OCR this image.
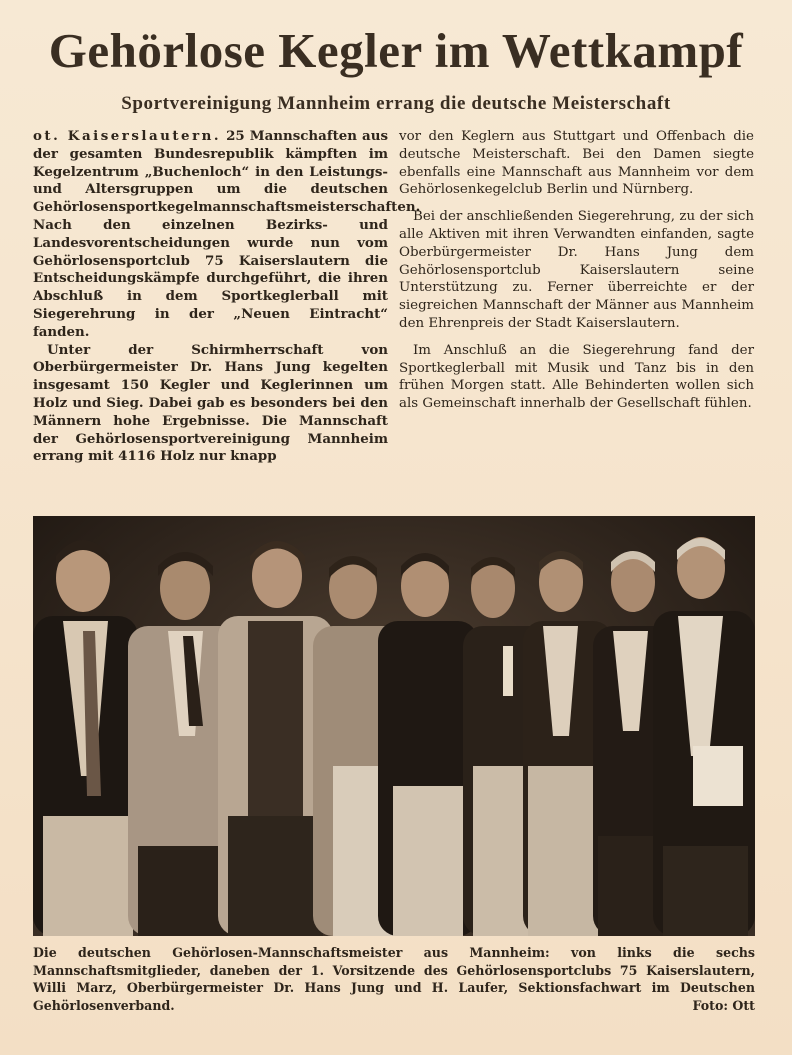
Gehörlose Kegler im Wettkampf
Sportvereinigung Mannheim errang die deutsche Meisterschaft

ot. Kaiserslautern. 25 Mannschaften aus der gesamten Bundesrepublik kämpften im Kegelzentrum „Buchenloch“ in den Leistungs- und Altersgruppen um die deutschen Gehörlosensportkegelmannschaftsmeisterschaften. Nach den einzelnen Bezirks- und Landesvorentscheidungen wurde nun vom Gehörlosensportclub 75 Kaiserslautern die Entscheidungskämpfe durchgeführt, die ihren Abschluß in dem Sportkeglerball mit Siegerehrung in der „Neuen Eintracht“ fanden.

Unter der Schirmherrschaft von Oberbürgermeister Dr. Hans Jung kegelten insgesamt 150 Kegler und Keglerinnen um Holz und Sieg. Dabei gab es besonders bei den Männern hohe Ergebnisse. Die Mannschaft der Gehörlosensportvereinigung Mannheim errang mit 4116 Holz nur knapp

vor den Keglern aus Stuttgart und Offenbach die deutsche Meisterschaft. Bei den Damen siegte ebenfalls eine Mannschaft aus Mannheim vor dem Gehörlosenkegelclub Berlin und Nürnberg.

Bei der anschließenden Siegerehrung, zu der sich alle Aktiven mit ihren Verwandten einfanden, sagte Oberbürgermeister Dr. Hans Jung dem Gehörlosensportclub Kaiserslautern seine Unterstützung zu. Ferner überreichte er der siegreichen Mannschaft der Männer aus Mannheim den Ehrenpreis der Stadt Kaiserslautern.

Im Anschluß an die Siegerehrung fand der Sportkeglerball mit Musik und Tanz bis in den frühen Morgen statt. Alle Behinderten wollen sich als Gemeinschaft innerhalb der Gesellschaft fühlen.

Die deutschen Gehörlosen-Mannschaftsmeister aus Mannheim: von links die sechs Mannschaftsmitglieder, daneben der 1. Vorsitzende des Gehörlosensportclubs 75 Kaiserslautern, Willi Marz, Oberbürgermeister Dr. Hans Jung und H. Laufer, Sektionsfachwart im Deutschen Gehörlosenverband.	Foto: Ott
